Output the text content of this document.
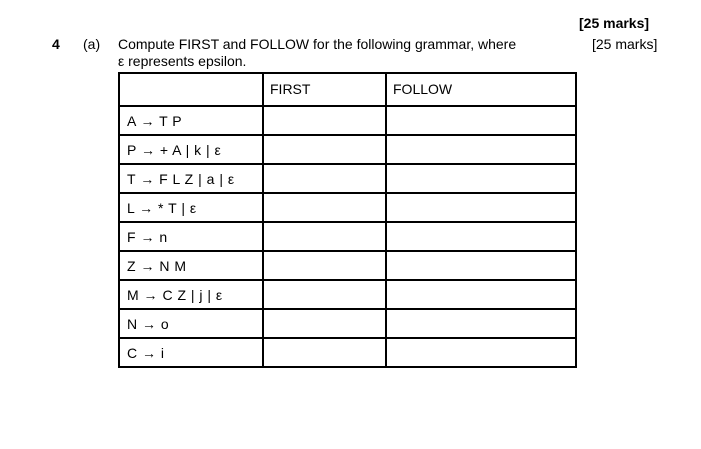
[25 marks]
4 (a) Compute FIRST and FOLLOW for the following grammar, where	[25 marks]
ε represents epsilon.
	FIRST	FOLLOW
A → T P		
P → + A | k | ε		
T → F L Z | a | ε		
L → * T | ε		
F → n		
Z → N M		
M → C Z | j | ε		
N → o		
C → i		
